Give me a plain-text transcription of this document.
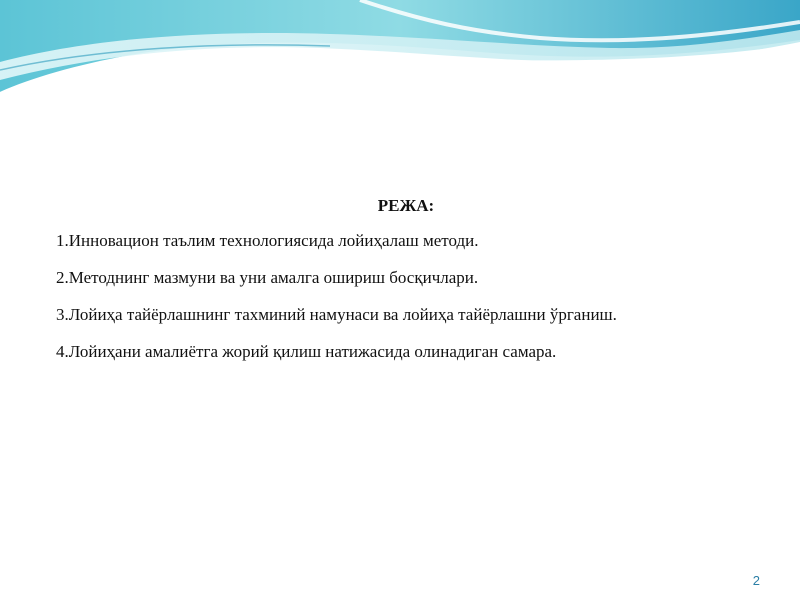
РЕЖА:
1.Инновацион таълим технологиясида лойиҳалаш методи.
2.Методнинг мазмуни ва уни амалга ошириш босқичлари.
3.Лойиҳа тайёрлашнинг тахминий намунаси ва лойиҳа тайёрлашни ўрганиш.
4.Лойиҳани амалиётга жорий қилиш натижасида олинадиган самара.
2
